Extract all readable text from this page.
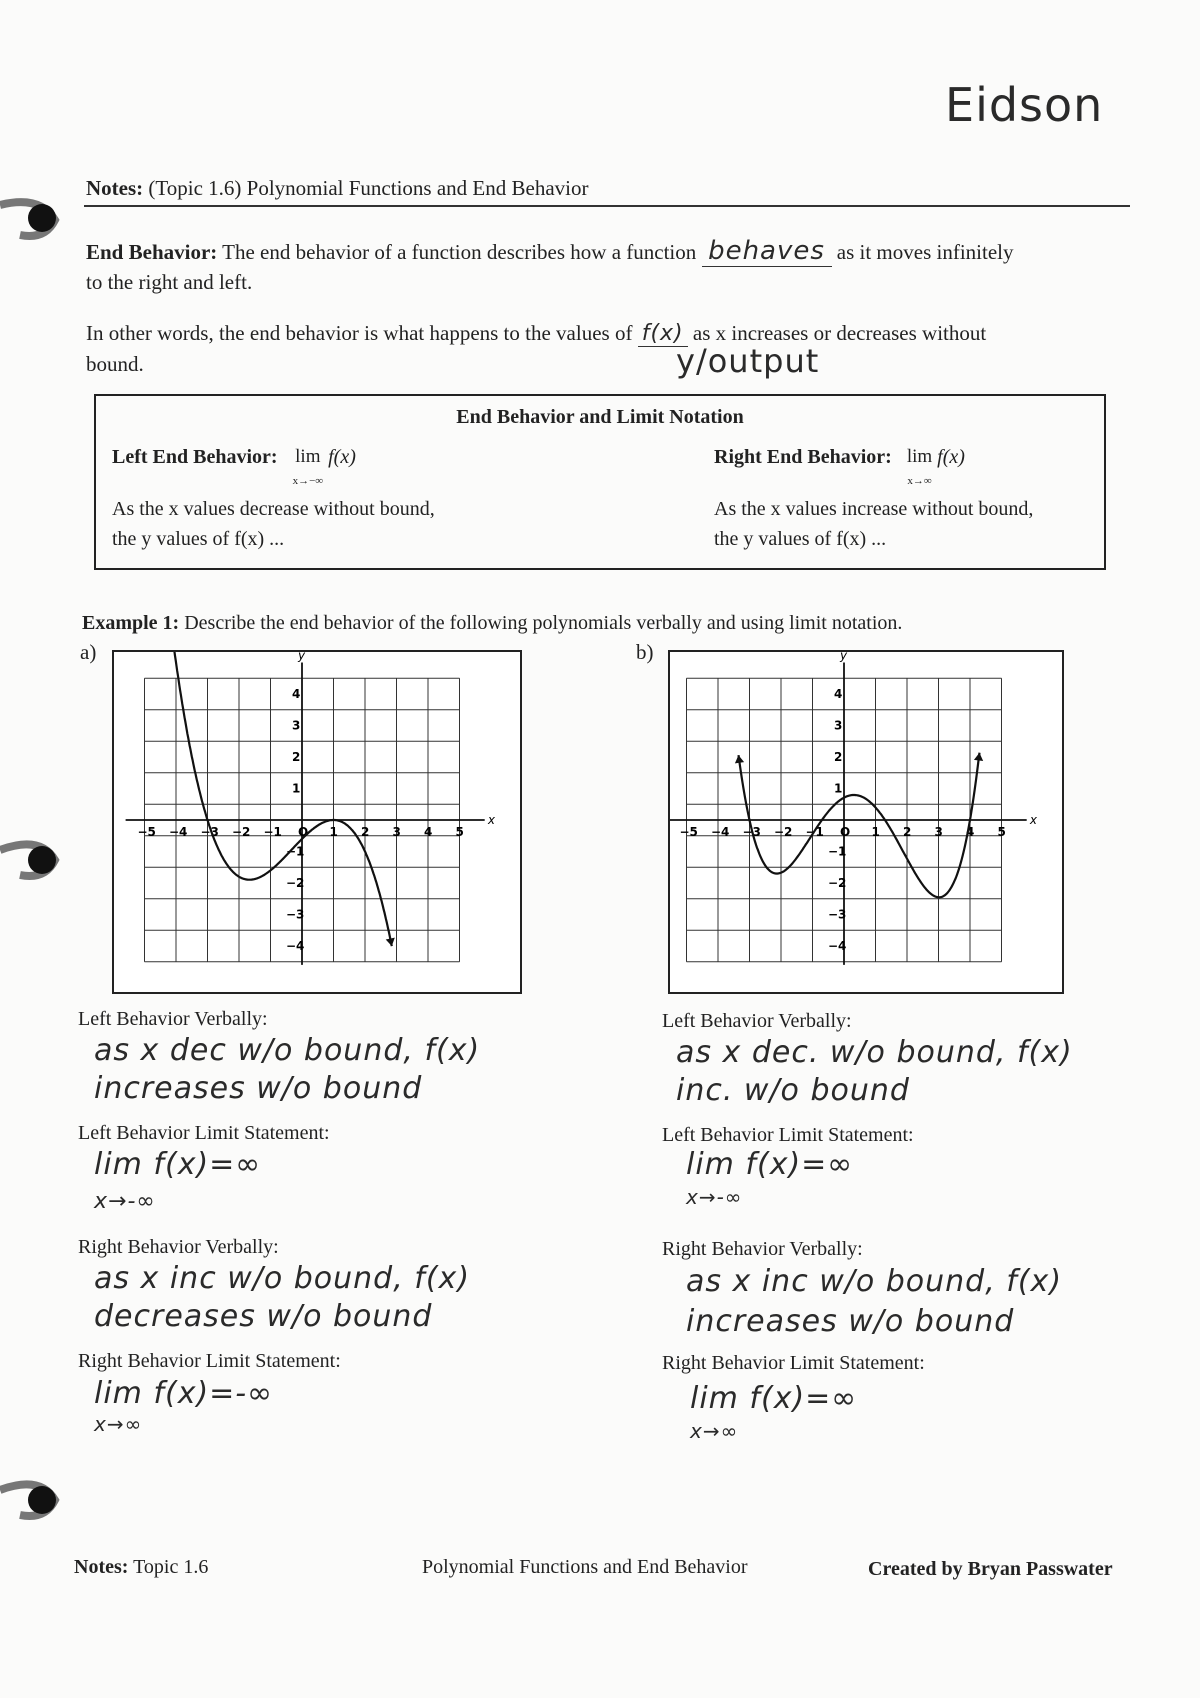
Eidson
Notes: (Topic 1.6) Polynomial Functions and End Behavior
End Behavior: The end behavior of a function describes how a function behaves as it moves infinitely
to the right and left.
In other words, the end behavior is what happens to the values of f(x) as x increases or decreases without
bound.	y/output
End Behavior and Limit Notation
Left End Behavior: lim
x→−∞ f(x)
As the x values decrease without bound,
the y values of f(x) ...
Right End Behavior: lim
x→∞ f(x)
As the x values increase without bound,
the y values of f(x) ...
Example 1: Describe the end behavior of the following polynomials verbally and using limit notation.
a)
x
y
−5 −4 −3 −2 −1 O 1 2 3 4 5
4
3
2
1
−1
−2
−3
−4
b)
x
y
−5 −4 −3 −2 −1 O 1 2 3 4 5
4
3
2
1
−1
−2
−3
−4
Left Behavior Verbally:
as x dec w/o bound, f(x)
increases w/o bound
Left Behavior Limit Statement:
lim f(x)=∞
x→-∞
Right Behavior Verbally:
as x inc w/o bound, f(x)
decreases w/o bound
Right Behavior Limit Statement:
lim f(x)=-∞
x→∞
Left Behavior Verbally:
as x dec. w/o bound, f(x)
inc. w/o bound
Left Behavior Limit Statement:
lim f(x)=∞
x→-∞
Right Behavior Verbally:
as x inc w/o bound, f(x)
increases w/o bound
Right Behavior Limit Statement:
lim f(x)=∞
x→∞
Notes: Topic 1.6	Polynomial Functions and End Behavior	Created by Bryan Passwater
